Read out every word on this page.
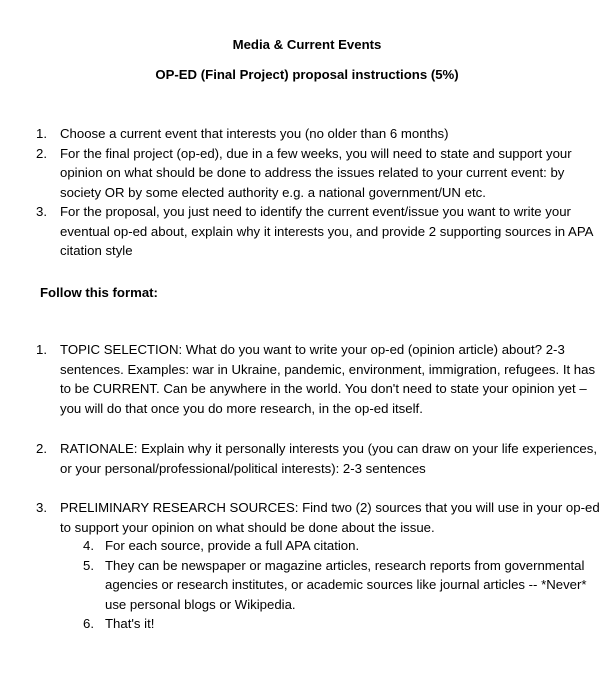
Media & Current Events
OP-ED (Final Project) proposal instructions (5%)
1. Choose a current event that interests you (no older than 6 months)
2. For the final project (op-ed), due in a few weeks, you will need to state and support your opinion on what should be done to address the issues related to your current event: by society OR by some elected authority e.g. a national government/UN etc.
3. For the proposal, you just need to identify the current event/issue you want to write your eventual op-ed about, explain why it interests you, and provide 2 supporting sources in APA citation style
Follow this format:
1. TOPIC SELECTION: What do you want to write your op-ed (opinion article) about? 2-3 sentences. Examples: war in Ukraine, pandemic, environment, immigration, refugees. It has to be CURRENT. Can be anywhere in the world. You don't need to state your opinion yet – you will do that once you do more research, in the op-ed itself.
2. RATIONALE: Explain why it personally interests you (you can draw on your life experiences, or your personal/professional/political interests): 2-3 sentences
3. PRELIMINARY RESEARCH SOURCES: Find two (2) sources that you will use in your op-ed to support your opinion on what should be done about the issue.
4. For each source, provide a full APA citation.
5. They can be newspaper or magazine articles, research reports from governmental agencies or research institutes, or academic sources like journal articles -- *Never* use personal blogs or Wikipedia.
6. That's it!
